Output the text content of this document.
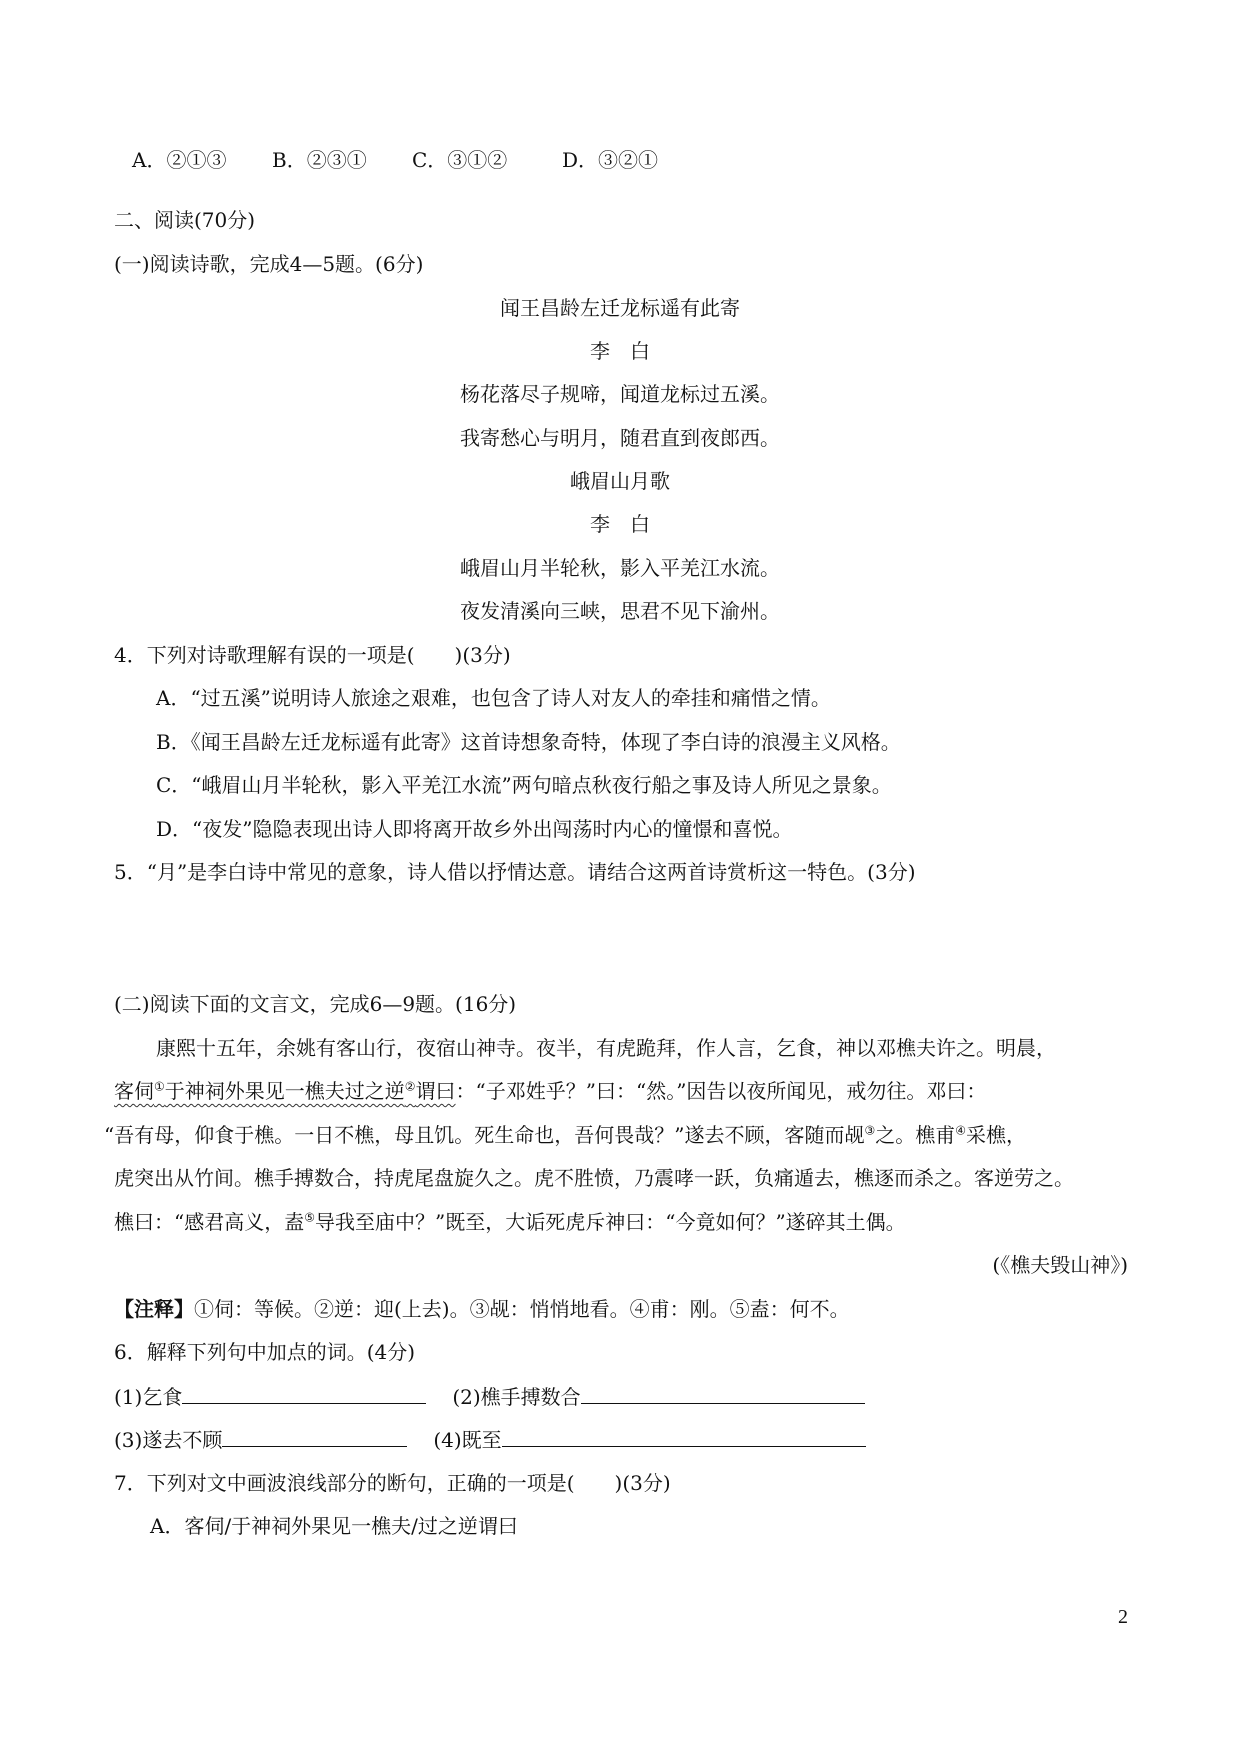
A．②①③ B．②③① C．③①②	D．③②①
二、阅读(70分)
(一)阅读诗歌，完成4—5题。(6分)
闻王昌龄左迁龙标遥有此寄
李　白
杨花落尽子规啼，闻道龙标过五溪。
我寄愁心与明月，随君直到夜郎西。
峨眉山月歌
李　白
峨眉山月半轮秋，影入平羌江水流。
夜发清溪向三峡，思君不见下渝州。
4．下列对诗歌理解有误的一项是(　　)(3分)
A．“过五溪”说明诗人旅途之艰难，也包含了诗人对友人的牵挂和痛惜之情。
B．《闻王昌龄左迁龙标遥有此寄》这首诗想象奇特，体现了李白诗的浪漫主义风格。
C．“峨眉山月半轮秋，影入平羌江水流”两句暗点秋夜行船之事及诗人所见之景象。
D．“夜发”隐隐表现出诗人即将离开故乡外出闯荡时内心的憧憬和喜悦。
5．“月”是李白诗中常见的意象，诗人借以抒情达意。请结合这两首诗赏析这一特色。(3分)
(二)阅读下面的文言文，完成6—9题。(16分)
康熙十五年，余姚有客山行，夜宿山神寺。夜半，有虎跪拜，作人言，乞食，神以邓樵夫许之。明晨，
客伺①于神祠外果见一樵夫过之逆②谓曰：“子邓姓乎？”曰：“然。”因告以夜所闻见，戒勿往。邓曰：
“吾有母，仰食于樵。一日不樵，母且饥。死生命也，吾何畏哉？”遂去不顾，客随而觇③之。樵甫④采樵，
虎突出从竹间。樵手搏数合，持虎尾盘旋久之。虎不胜愤，乃震哮一跃，负痛遁去，樵逐而杀之。客逆劳之。
樵曰：“感君高义，盍⑤导我至庙中？”既至，大诟死虎斥神曰：“今竟如何？”遂碎其土偶。
(《樵夫毁山神》)
【注释】①伺：等候。②逆：迎(上去)。③觇：悄悄地看。④甫：刚。⑤盍：何不。
6．解释下列句中加点的词。(4分)
(1)乞食	(2)樵手搏数合
(3)遂去不顾	(4)既至
7．下列对文中画波浪线部分的断句，正确的一项是(　　)(3分)
A．客伺/于神祠外果见一樵夫/过之逆谓曰
2
